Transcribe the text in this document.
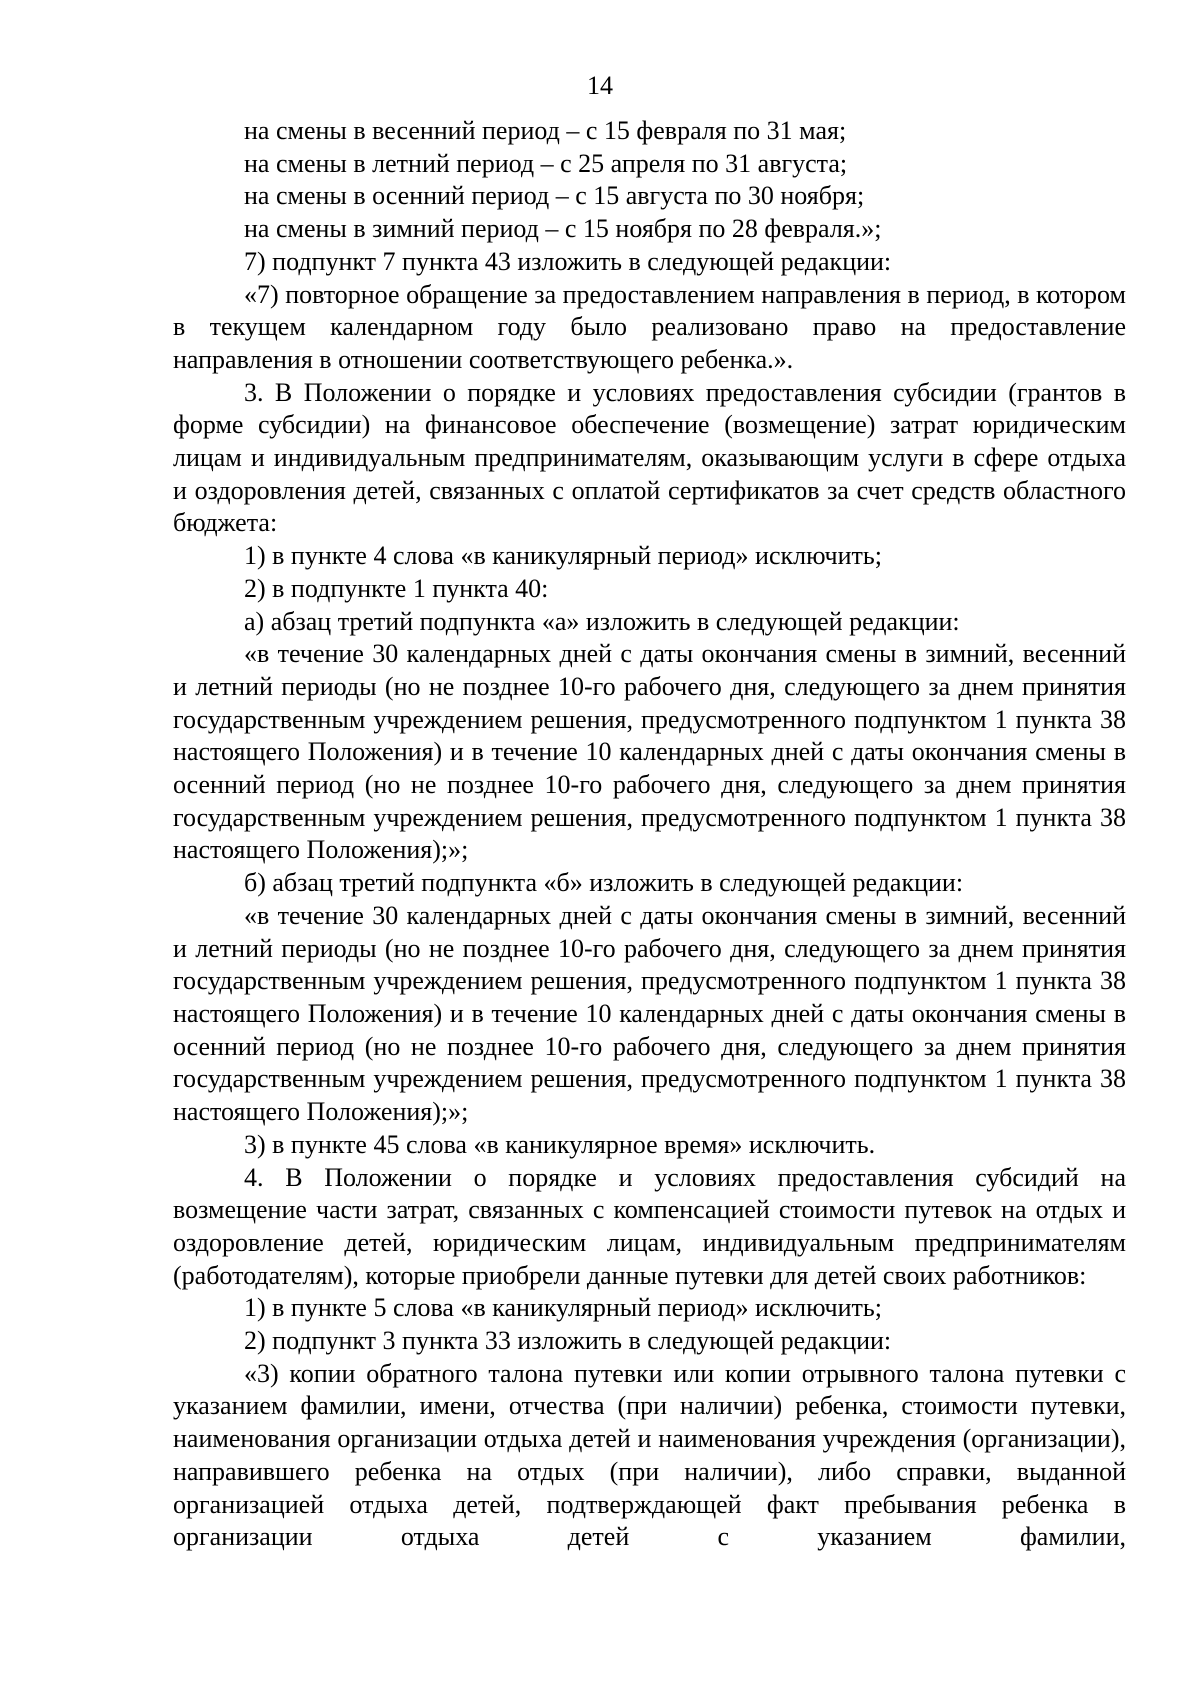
14

на смены в весенний период – с 15 февраля по 31 мая;

на смены в летний период – с 25 апреля по 31 августа;

на смены в осенний период – с 15 августа по 30 ноября;

на смены в зимний период – с 15 ноября по 28 февраля.»;

7) подпункт 7 пункта 43 изложить в следующей редакции:

«7) повторное обращение за предоставлением направления в период, в котором в текущем календарном году было реализовано право на предоставление направления в отношении соответствующего ребенка.».

3. В Положении о порядке и условиях предоставления субсидии (грантов в форме субсидии) на финансовое обеспечение (возмещение) затрат юридическим лицам и индивидуальным предпринимателям, оказывающим услуги в сфере отдыха и оздоровления детей, связанных с оплатой сертификатов за счет средств областного бюджета:

1) в пункте 4 слова «в каникулярный период» исключить;

2) в подпункте 1 пункта 40:

а) абзац третий подпункта «а» изложить в следующей редакции:

«в течение 30 календарных дней с даты окончания смены в зимний, весенний и летний периоды (но не позднее 10-го рабочего дня, следующего за днем принятия государственным учреждением решения, предусмотренного подпунктом 1 пункта 38 настоящего Положения) и в течение 10 календарных дней с даты окончания смены в осенний период (но не позднее 10-го рабочего дня, следующего за днем принятия государственным учреждением решения, предусмотренного подпунктом 1 пункта 38 настоящего Положения);»;

б) абзац третий подпункта «б» изложить в следующей редакции:

«в течение 30 календарных дней с даты окончания смены в зимний, весенний и летний периоды (но не позднее 10-го рабочего дня, следующего за днем принятия государственным учреждением решения, предусмотренного подпунктом 1 пункта 38 настоящего Положения) и в течение 10 календарных дней с даты окончания смены в осенний период (но не позднее 10-го рабочего дня, следующего за днем принятия государственным учреждением решения, предусмотренного подпунктом 1 пункта 38 настоящего Положения);»;

3) в пункте 45 слова «в каникулярное время» исключить.

4. В Положении о порядке и условиях предоставления субсидий на возмещение части затрат, связанных с компенсацией стоимости путевок на отдых и оздоровление детей, юридическим лицам, индивидуальным предпринимателям (работодателям), которые приобрели данные путевки для детей своих работников:

1) в пункте 5 слова «в каникулярный период» исключить;

2) подпункт 3 пункта 33 изложить в следующей редакции:

«3) копии обратного талона путевки или копии отрывного талона путевки с указанием фамилии, имени, отчества (при наличии) ребенка, стоимости путевки, наименования организации отдыха детей и наименования учреждения (организации), направившего ребенка на отдых (при наличии), либо справки, выданной организацией отдыха детей, подтверждающей факт пребывания ребенка в организации отдыха детей с указанием фамилии,
